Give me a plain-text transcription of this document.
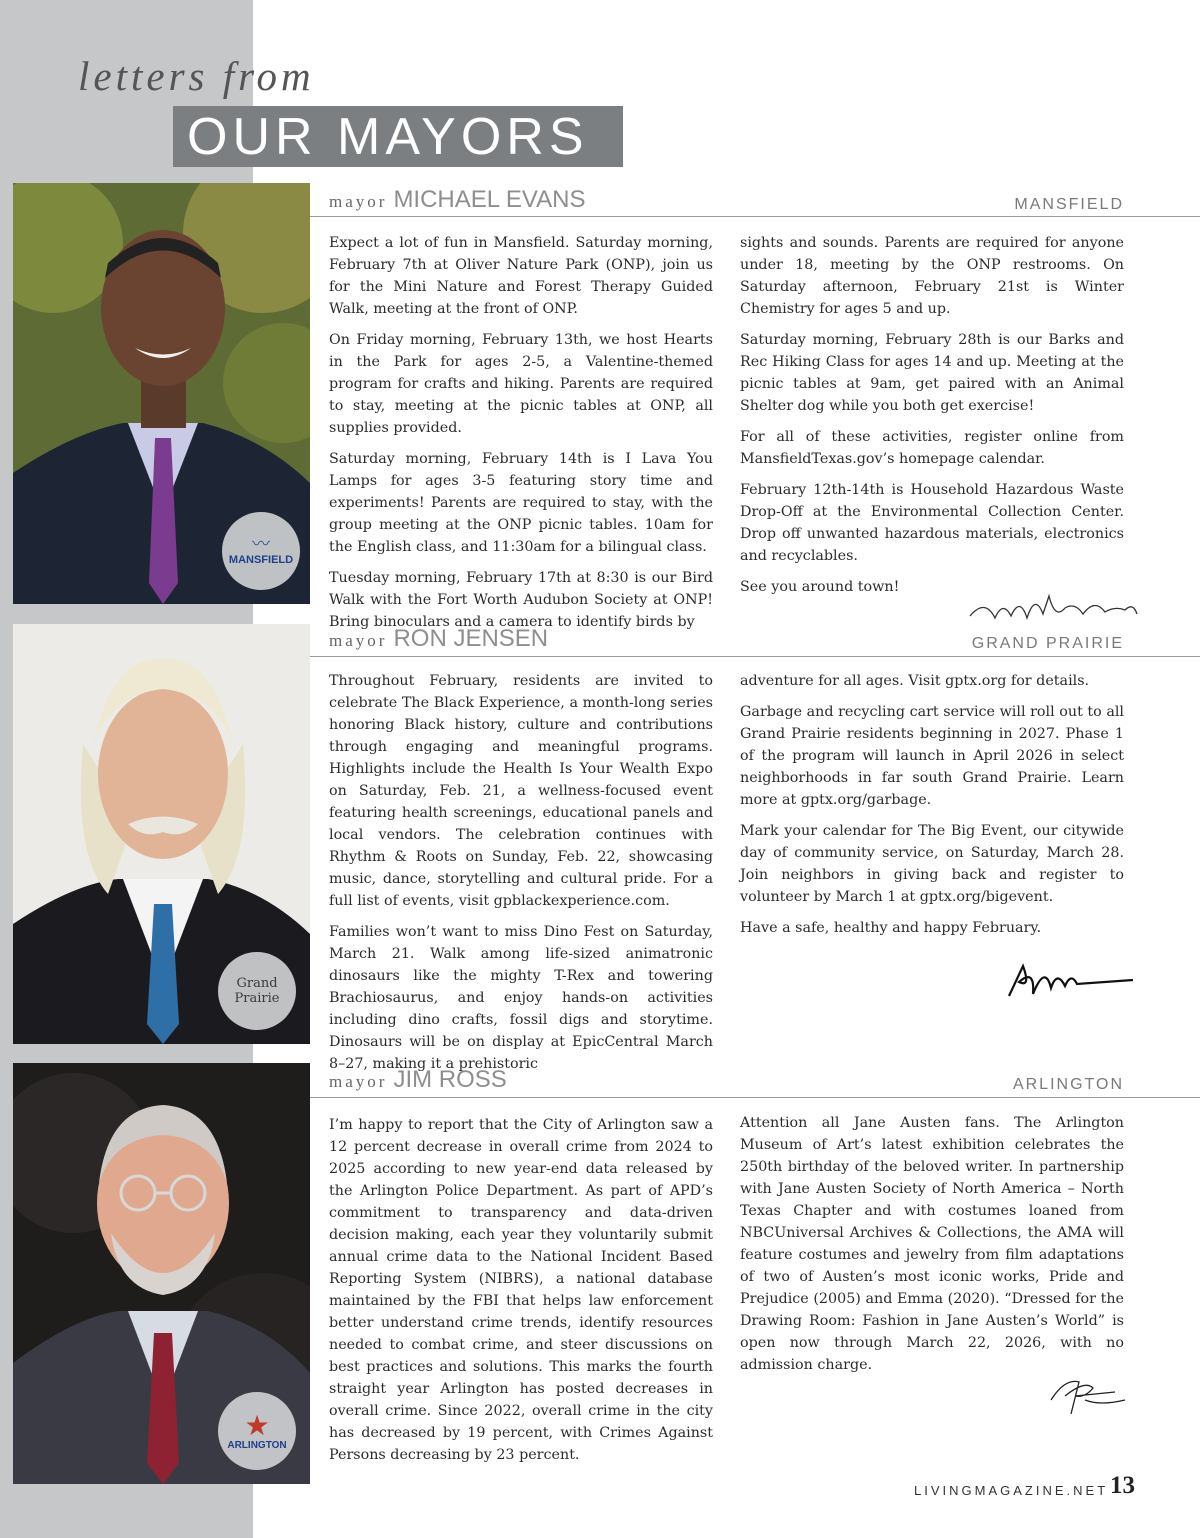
letters from
OUR MAYORS
〰
MANSFIELD
mayor MICHAEL EVANS	MANSFIELD

Expect a lot of fun in Mansfield. Saturday morning, February 7th at Oliver Nature Park (ONP), join us for the Mini Nature and Forest Therapy Guided Walk, meeting at the front of ONP.

On Friday morning, February 13th, we host Hearts in the Park for ages 2-5, a Valentine-themed program for crafts and hiking. Parents are required to stay, meeting at the picnic tables at ONP, all supplies provided.

Saturday morning, February 14th is I Lava You Lamps for ages 3-5 featuring story time and experiments! Parents are required to stay, with the group meeting at the ONP picnic tables. 10am for the English class, and 11:30am for a bilingual class.

Tuesday morning, February 17th at 8:30 is our Bird Walk with the Fort Worth Audubon Society at ONP! Bring binoculars and a camera to identify birds by

sights and sounds. Parents are required for anyone under 18, meeting by the ONP restrooms. On Saturday afternoon, February 21st is Winter Chemistry for ages 5 and up.

Saturday morning, February 28th is our Barks and Rec Hiking Class for ages 14 and up. Meeting at the picnic tables at 9am, get paired with an Animal Shelter dog while you both get exercise!

For all of these activities, register online from MansfieldTexas.gov’s homepage calendar.

February 12th-14th is Household Hazardous Waste Drop-Off at the Environmental Collection Center. Drop off unwanted hazardous materials, electronics and recyclables.

See you around town!

Grand Prairie
mayor RON JENSEN	GRAND PRAIRIE

Throughout February, residents are invited to celebrate The Black Experience, a month-long series honoring Black history, culture and contributions through engaging and meaningful programs. Highlights include the Health Is Your Wealth Expo on Saturday, Feb. 21, a wellness-focused event featuring health screenings, educational panels and local vendors. The celebration continues with Rhythm & Roots on Sunday, Feb. 22, showcasing music, dance, storytelling and cultural pride. For a full list of events, visit gpblackexperience.com.

Families won’t want to miss Dino Fest on Saturday, March 21. Walk among life-sized animatronic dinosaurs like the mighty T-Rex and towering Brachiosaurus, and enjoy hands-on activities including dino crafts, fossil digs and storytime. Dinosaurs will be on display at EpicCentral March 8–27, making it a prehistoric

adventure for all ages. Visit gptx.org for details.

Garbage and recycling cart service will roll out to all Grand Prairie residents beginning in 2027. Phase 1 of the program will launch in April 2026 in select neighborhoods in far south Grand Prairie. Learn more at gptx.org/garbage.

Mark your calendar for The Big Event, our citywide day of community service, on Saturday, March 28. Join neighbors in giving back and register to volunteer by March 1 at gptx.org/bigevent.

Have a safe, healthy and happy February.

★
ARLINGTON
mayor JIM ROSS	ARLINGTON

I’m happy to report that the City of Arlington saw a 12 percent decrease in overall crime from 2024 to 2025 according to new year-end data released by the Arlington Police Department. As part of APD’s commitment to transparency and data-driven decision making, each year they voluntarily submit annual crime data to the National Incident Based Reporting System (NIBRS), a national database maintained by the FBI that helps law enforcement better understand crime trends, identify resources needed to combat crime, and steer discussions on best practices and solutions. This marks the fourth straight year Arlington has posted decreases in overall crime. Since 2022, overall crime in the city has decreased by 19 percent, with Crimes Against Persons decreasing by 23 percent.

Attention all Jane Austen fans. The Arlington Museum of Art’s latest exhibition celebrates the 250th birthday of the beloved writer. In partnership with Jane Austen Society of North America – North Texas Chapter and with costumes loaned from NBCUniversal Archives & Collections, the AMA will feature costumes and jewelry from film adaptations of two of Austen’s most iconic works, Pride and Prejudice (2005) and Emma (2020). “Dressed for the Drawing Room: Fashion in Jane Austen’s World” is open now through March 22, 2026, with no admission charge.

LIVINGMAGAZINE.NET 13
